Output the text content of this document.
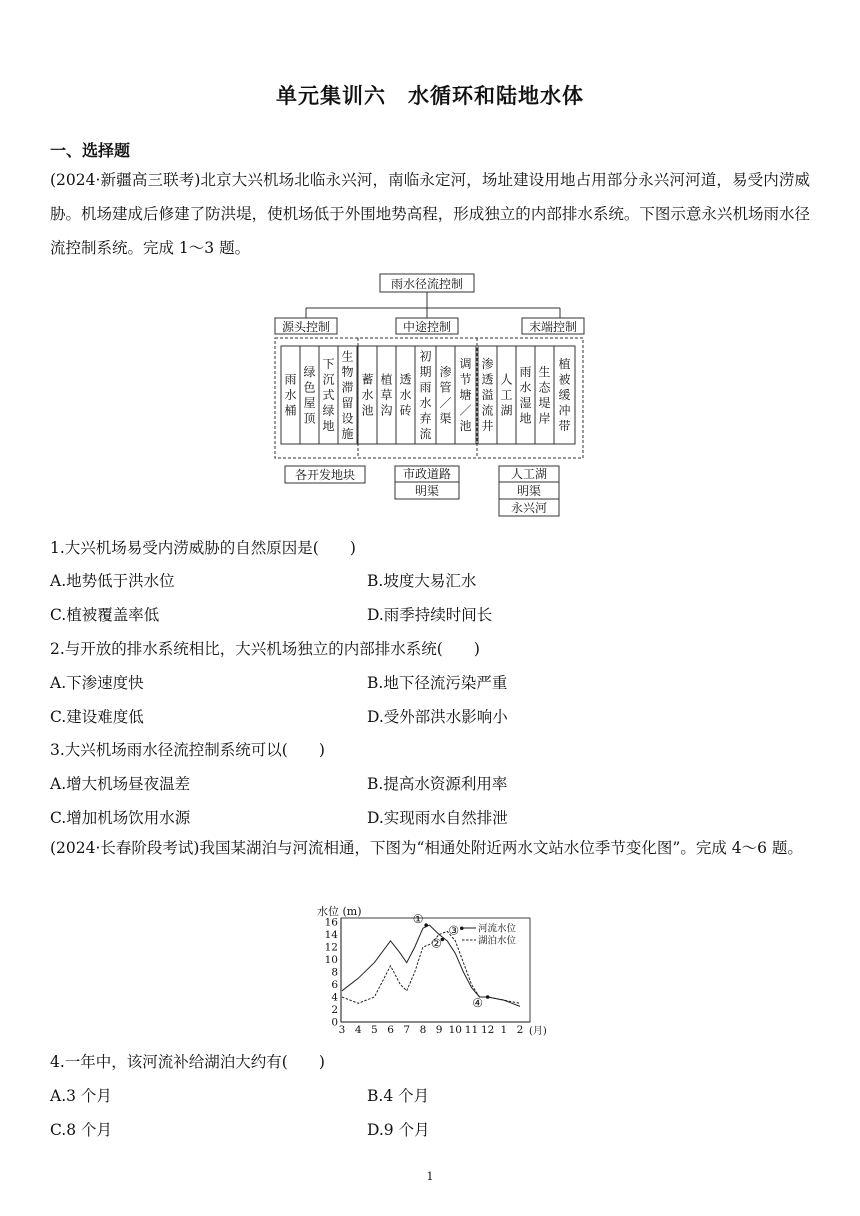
单元集训六　水循环和陆地水体
一、选择题
(2024·新疆高三联考)北京大兴机场北临永兴河，南临永定河，场址建设用地占用部分永兴河河道，易受内涝威胁。机场建成后修建了防洪堤，使机场低于外围地势高程，形成独立的内部排水系统。下图示意永兴机场雨水径流控制系统。完成 1～3 题。
雨水径流控制
源头控制	中途控制	末端控制
各开发地块	市政道路
明渠
人工湖
明渠
永兴河
雨水桶
绿色屋顶
下沉式绿地
生物滞留设施
蓄水池
植草沟
透水砖
初期雨水弃流
渗管／渠
调节塘／池
渗透溢流井
人工湖
雨水湿地
生态堤岸
植被缓冲带
1.大兴机场易受内涝威胁的自然原因是(　　)
A.地势低于洪水位	B.坡度大易汇水
C.植被覆盖率低	D.雨季持续时间长
2.与开放的排水系统相比，大兴机场独立的内部排水系统(　　)
A.下渗速度快	B.地下径流污染严重
C.建设难度低	D.受外部洪水影响小
3.大兴机场雨水径流控制系统可以(　　)
A.增大机场昼夜温差	B.提高水资源利用率
C.增加机场饮用水源	D.实现雨水自然排泄
(2024·长春阶段考试)我国某湖泊与河流相通，下图为“相通处附近两水文站水位季节变化图”。完成 4～6 题。
水位 (m)
0
2
4
6
8
10
12
14
16
3 4 5 6 7 8 9 10 11 12 1 2
河流水位
湖泊水位
①
②
③
④
(月)
4.一年中，该河流补给湖泊大约有(　　)
A.3 个月	B.4 个月
C.8 个月	D.9 个月
1
